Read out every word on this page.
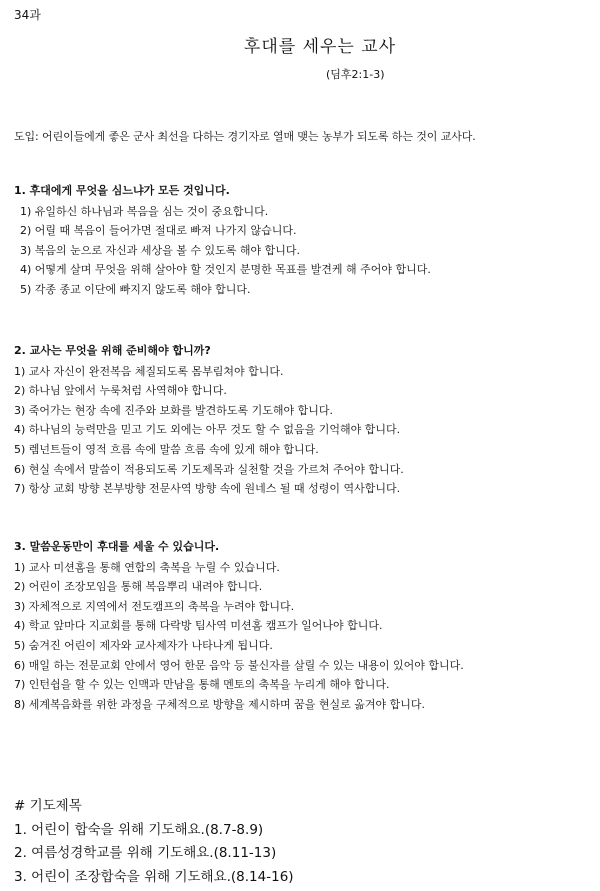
34과
후대를 세우는 교사
(딤후2:1-3)
도입: 어린이들에게 좋은 군사 최선을 다하는 경기자로 열매 맺는 농부가 되도록 하는 것이 교사다.
1. 후대에게 무엇을 심느냐가 모든 것입니다.
1) 유일하신 하나님과 복음을 심는 것이 중요합니다.
2) 어릴 때 복음이 들어가면 절대로 빠져 나가지 않습니다.
3) 복음의 눈으로 자신과 세상을 볼 수 있도록 해야 합니다.
4) 어떻게 살며 무엇을 위해 살아야 할 것인지 분명한 목표를 발견케 해 주어야 합니다.
5) 각종 종교 이단에 빠지지 않도록 해야 합니다.
2. 교사는 무엇을 위해 준비해야 합니까?
1) 교사 자신이 완전복음 체질되도록 몸부림쳐야 합니다.
2) 하나님 앞에서 누룩처럼 사역해야 합니다.
3) 죽어가는 현장 속에 진주와 보화를 발견하도록 기도해야 합니다.
4) 하나님의 능력만을 믿고 기도 외에는 아무 것도 할 수 없음을 기억해야 합니다.
5) 렘넌트들이 영적 흐름 속에 말씀 흐름 속에 있게 해야 합니다.
6) 현실 속에서 말씀이 적용되도록 기도제목과 실천할 것을 가르쳐 주어야 합니다.
7) 항상 교회 방향 본부방향 전문사역 방향 속에 원네스 될 때 성령이 역사합니다.
3. 말씀운동만이 후대를 세울 수 있습니다.
1) 교사 미션홈을 통해 연합의 축복을 누릴 수 있습니다.
2) 어린이 조장모임을 통해 복음뿌리 내려야 합니다.
3) 자체적으로 지역에서 전도캠프의 축복을 누려야 합니다.
4) 학교 앞마다 지교회를 통해 다락방 팀사역 미션홈 캠프가 일어나야 합니다.
5) 숨겨진 어린이 제자와 교사제자가 나타나게 됩니다.
6) 매일 하는 전문교회 안에서 영어 한문 음악 등 불신자를 살릴 수 있는 내용이 있어야 합니다.
7) 인턴쉽을 할 수 있는 인맥과 만남을 통해 멘토의 축복을 누리게 해야 합니다.
8) 세계복음화를 위한 과정을 구체적으로 방향을 제시하며 꿈을 현실로 옮겨야 합니다.
# 기도제목
1. 어린이 합숙을 위해 기도해요.(8.7-8.9)
2. 여름성경학교를 위해 기도해요.(8.11-13)
3. 어린이 조장합숙을 위해 기도해요.(8.14-16)
